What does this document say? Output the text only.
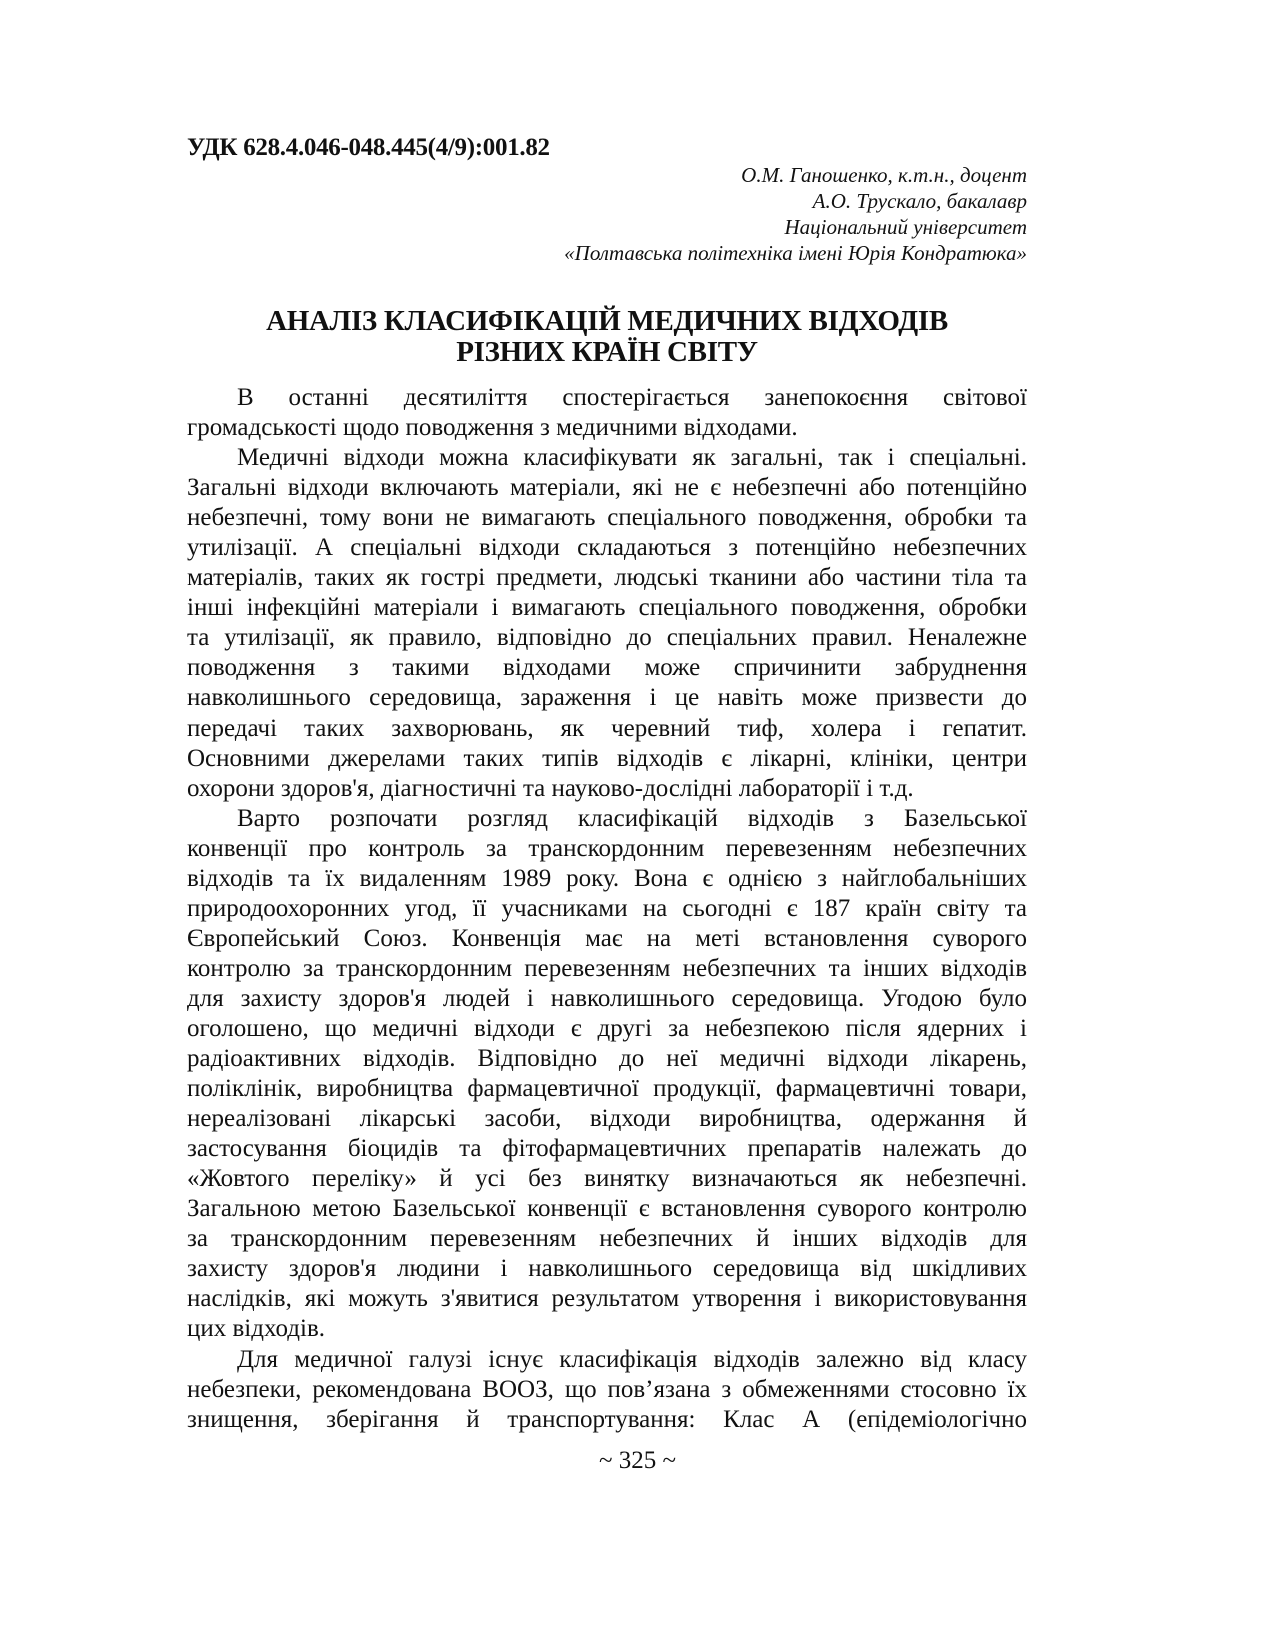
УДК 628.4.046-048.445(4/9):001.82
О.М. Ганошенко, к.т.н., доцент
А.О. Трускало, бакалавр
Національний університет
«Полтавська політехніка імені Юрія Кондратюка»
АНАЛІЗ КЛАСИФІКАЦІЙ МЕДИЧНИХ ВІДХОДІВ
РІЗНИХ КРАЇН СВІТУ
В останні десятиліття спостерігається занепокоєння світової
громадськості щодо поводження з медичними відходами.
Медичні відходи можна класифікувати як загальні, так і спеціальні.
Загальні відходи включають матеріали, які не є небезпечні або потенційно
небезпечні, тому вони не вимагають спеціального поводження, обробки та
утилізації. А спеціальні відходи складаються з потенційно небезпечних
матеріалів, таких як гострі предмети, людські тканини або частини тіла та
інші інфекційні матеріали і вимагають спеціального поводження, обробки
та утилізації, як правило, відповідно до спеціальних правил. Неналежне
поводження з такими відходами може спричинити забруднення
навколишнього середовища, зараження і це навіть може призвести до
передачі таких захворювань, як черевний тиф, холера і гепатит.
Основними джерелами таких типів відходів є лікарні, клініки, центри
охорони здоров'я, діагностичні та науково-дослідні лабораторії і т.д.
Варто розпочати розгляд класифікацій відходів з Базельської
конвенції про контроль за транскордонним перевезенням небезпечних
відходів та їх видаленням 1989 року. Вона є однією з найглобальніших
природоохоронних угод, її учасниками на сьогодні є 187 країн світу та
Європейський Союз. Конвенція має на меті встановлення суворого
контролю за транскордонним перевезенням небезпечних та інших відходів
для захисту здоров'я людей і навколишнього середовища. Угодою було
оголошено, що медичні відходи є другі за небезпекою після ядерних і
радіоактивних відходів. Відповідно до неї медичні відходи лікарень,
поліклінік, виробництва фармацевтичної продукції, фармацевтичні товари,
нереалізовані лікарські засоби, відходи виробництва, одержання й
застосування біоцидів та фітофармацевтичних препаратів належать до
«Жовтого переліку» й усі без винятку визначаються як небезпечні.
Загальною метою Базельської конвенції є встановлення суворого контролю
за транскордонним перевезенням небезпечних й інших відходів для
захисту здоров'я людини і навколишнього середовища від шкідливих
наслідків, які можуть з'явитися результатом утворення і використовування
цих відходів.
Для медичної галузі існує класифікація відходів залежно від класу
небезпеки, рекомендована ВООЗ, що пов’язана з обмеженнями стосовно їх
знищення, зберігання й транспортування: Клас А (епідеміологічно
~ 325 ~
